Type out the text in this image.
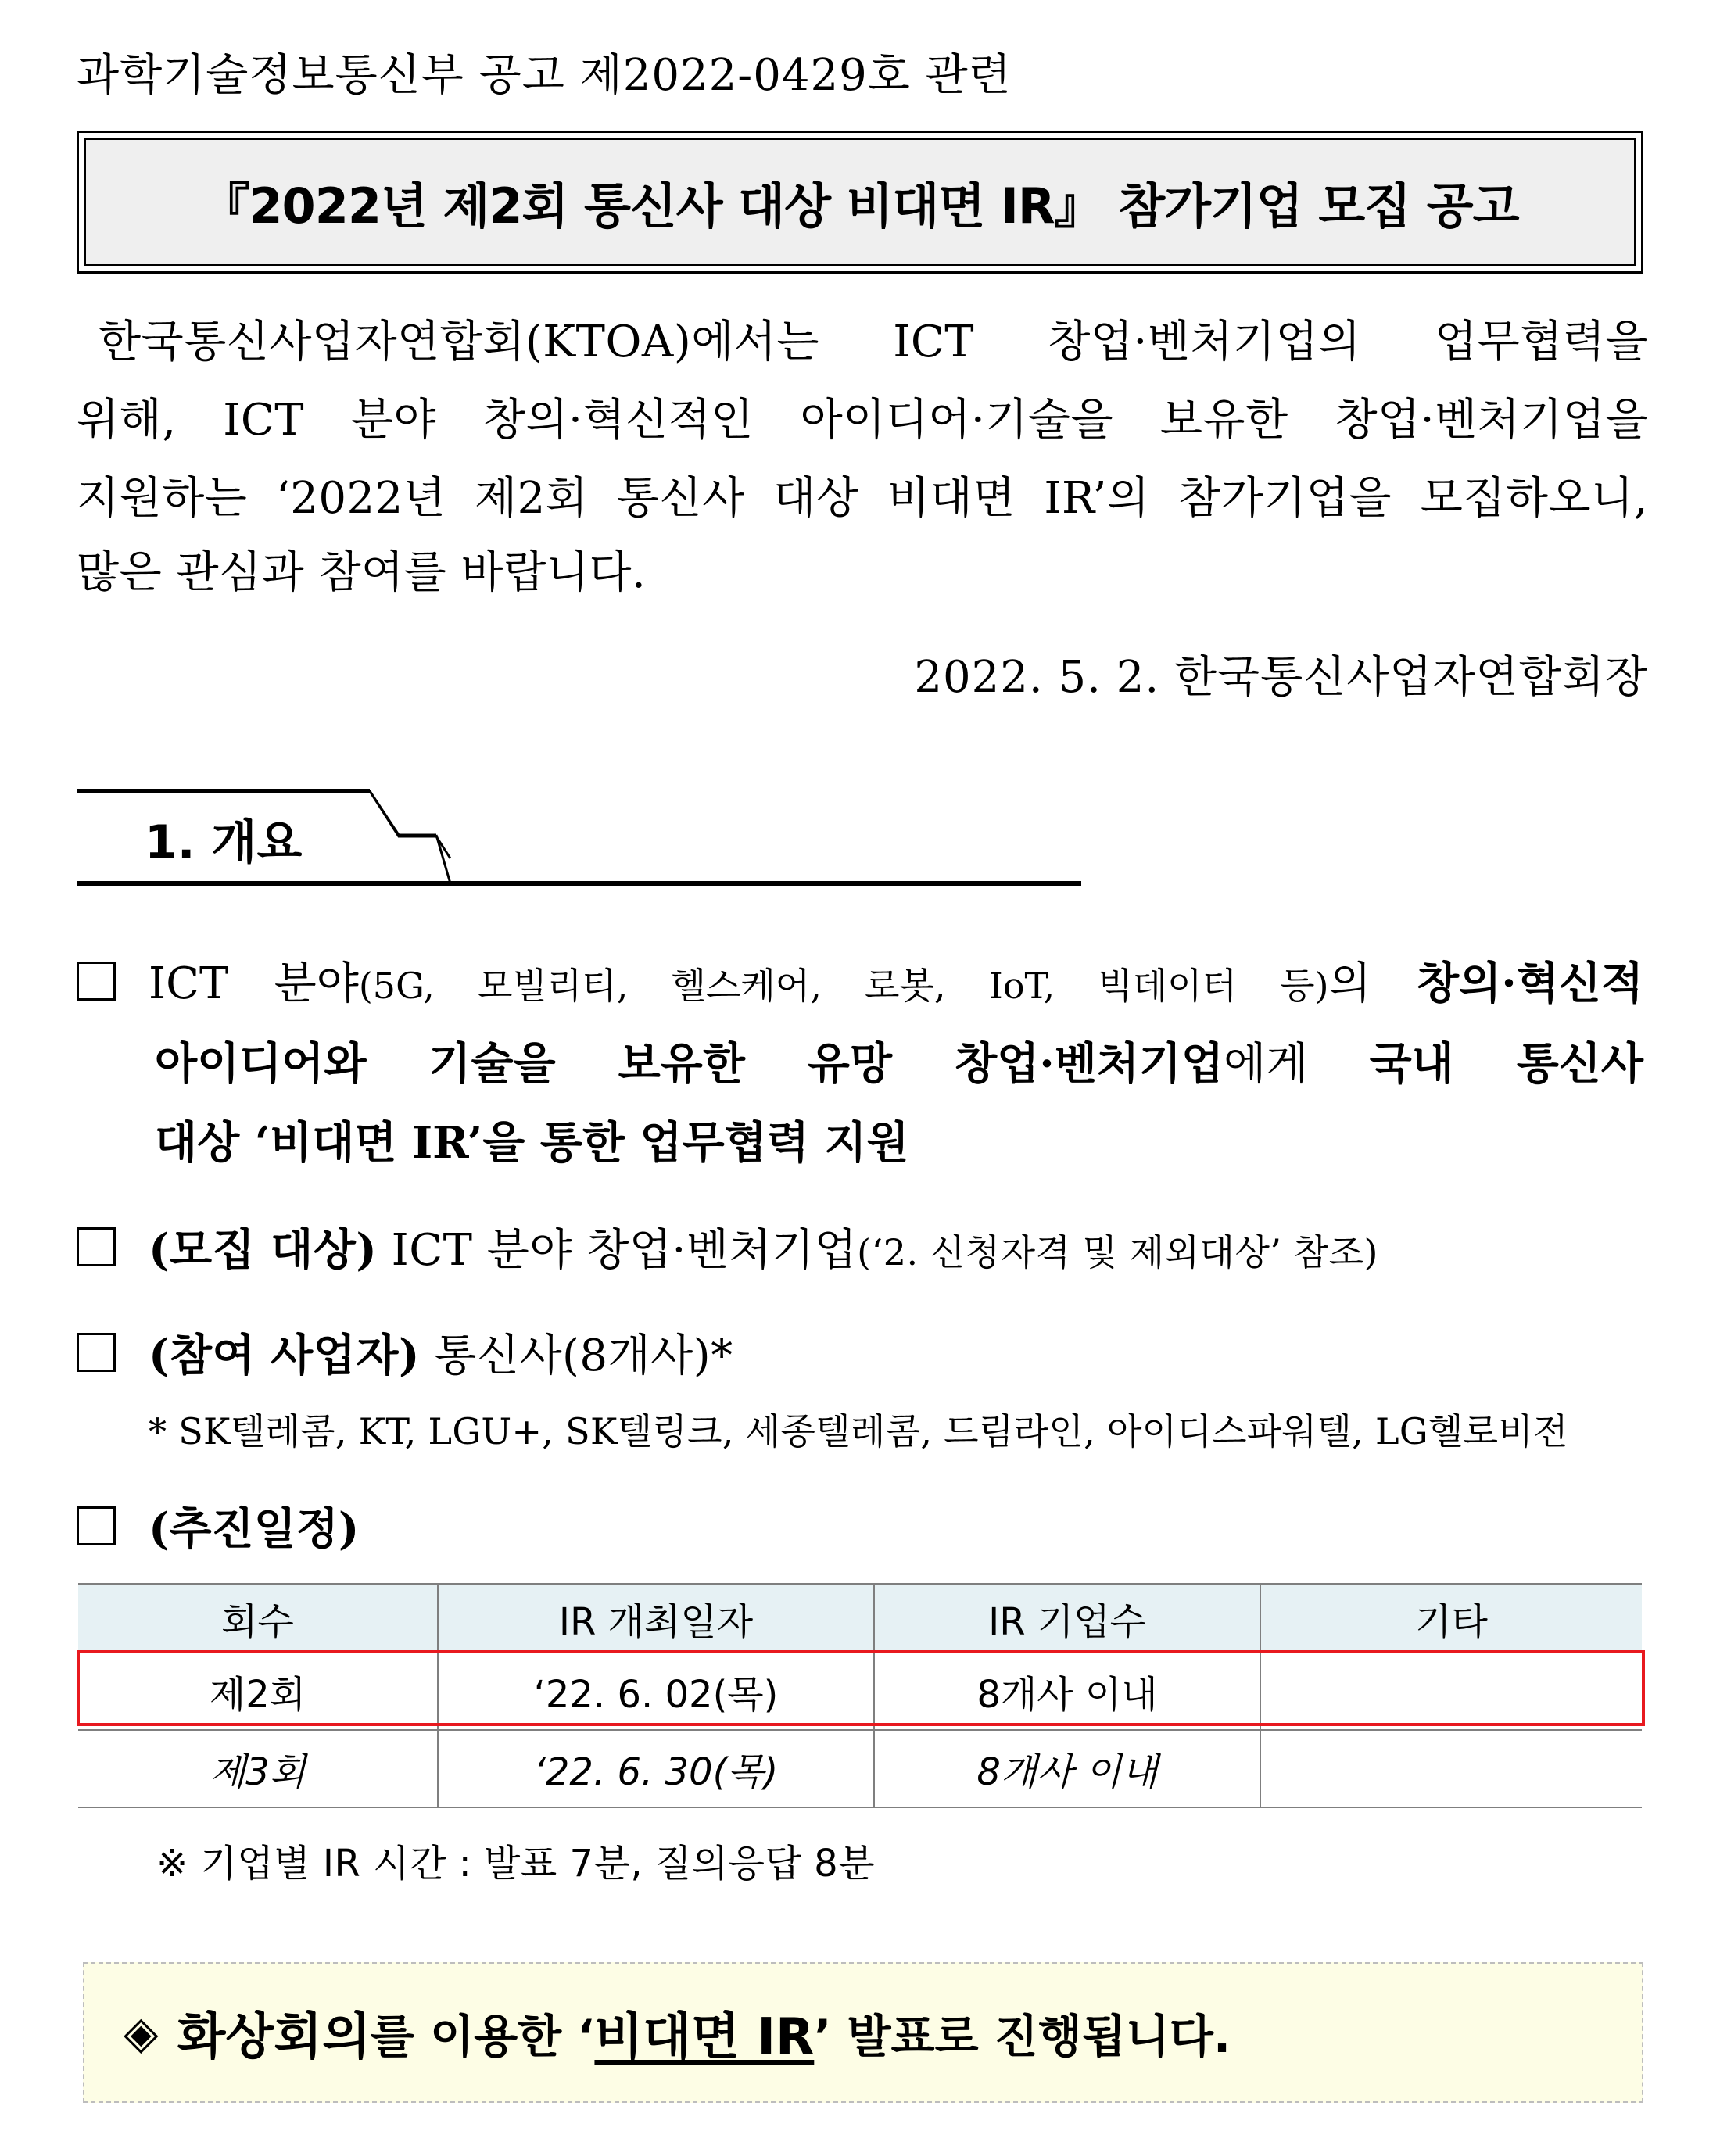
과학기술정보통신부 공고 제2022-0429호 관련
『2022년 제2회 통신사 대상 비대면 IR』 참가기업 모집 공고
한국통신사업자연합회(KTOA)에서는 ICT 창업·벤처기업의 업무협력을
위해, ICT 분야 창의·혁신적인 아이디어·기술을 보유한 창업·벤처기업을
지원하는 ‘2022년 제2회 통신사 대상 비대면 IR’의 참가기업을 모집하오니,
많은 관심과 참여를 바랍니다.
2022. 5. 2. 한국통신사업자연합회장
1. 개요
ICT 분야(5G, 모빌리티, 헬스케어, 로봇, IoT, 빅데이터 등)의 창의·혁신적
아이디어와 기술을 보유한 유망 창업·벤처기업에게 국내 통신사
대상 ‘비대면 IR’을 통한 업무협력 지원
(모집 대상) ICT 분야 창업·벤처기업(‘2. 신청자격 및 제외대상’ 참조)
(참여 사업자) 통신사(8개사)*
* SK텔레콤, KT, LGU+, SK텔링크, 세종텔레콤, 드림라인, 아이디스파워텔, LG헬로비전
(추진일정)
회수	IR 개최일자	IR 기업수	기타
제2회	‘22. 6. 02(목)	8개사 이내	
제3회	‘22. 6. 30(목)	8개사 이내	
※ 기업별 IR 시간 : 발표 7분, 질의응답 8분
◈ 화상회의 를 이용한 ‘ 비대면 IR ’ 발표로 진행됩니다.
